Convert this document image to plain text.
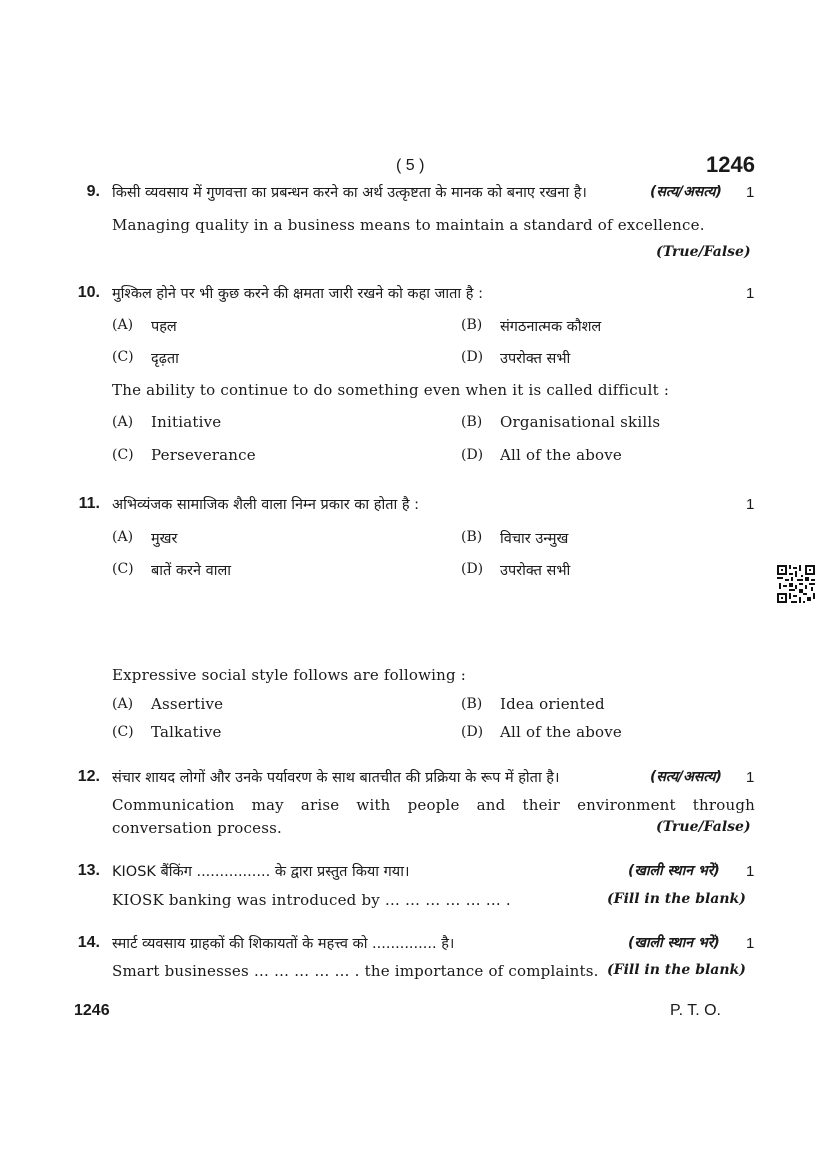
( 5 )	1246
9. किसी व्यवसाय में गुणवत्ता का प्रबन्धन करने का अर्थ उत्कृष्टता के मानक को बनाए रखना है।	(सत्य/असत्य) 1
Managing quality in a business means to maintain a standard of excellence.
(True/False)
10. मुश्किल होने पर भी कुछ करने की क्षमता जारी रखने को कहा जाता है :	1
(A) पहल	(B) संगठनात्मक कौशल
(C) दृढ़ता	(D) उपरोक्त सभी
The ability to continue to do something even when it is called difficult :
(A) Initiative	(B) Organisational skills
(C) Perseverance	(D) All of the above
11. अभिव्यंजक सामाजिक शैली वाला निम्न प्रकार का होता है :	1
(A) मुखर	(B) विचार उन्मुख
(C) बातें करने वाला	(D) उपरोक्त सभी
Expressive social style follows are following :
(A) Assertive	(B) Idea oriented
(C) Talkative	(D) All of the above
12. संचार शायद लोगों और उनके पर्यावरण के साथ बातचीत की प्रक्रिया के रूप में होता है।	(सत्य/असत्य) 1
Communication may arise with people and their environment through
conversation process.	(True/False)
13. KIOSK बैंकिंग ................ के द्वारा प्रस्तुत किया गया।	(खाली स्थान भरें) 1
KIOSK banking was introduced by … … … … … … .	(Fill in the blank)
14. स्मार्ट व्यवसाय ग्राहकों की शिकायतों के महत्त्व को .............. है।	(खाली स्थान भरें) 1
Smart businesses … … … … … . the importance of complaints. (Fill in the blank)
1246	P. T. O.
